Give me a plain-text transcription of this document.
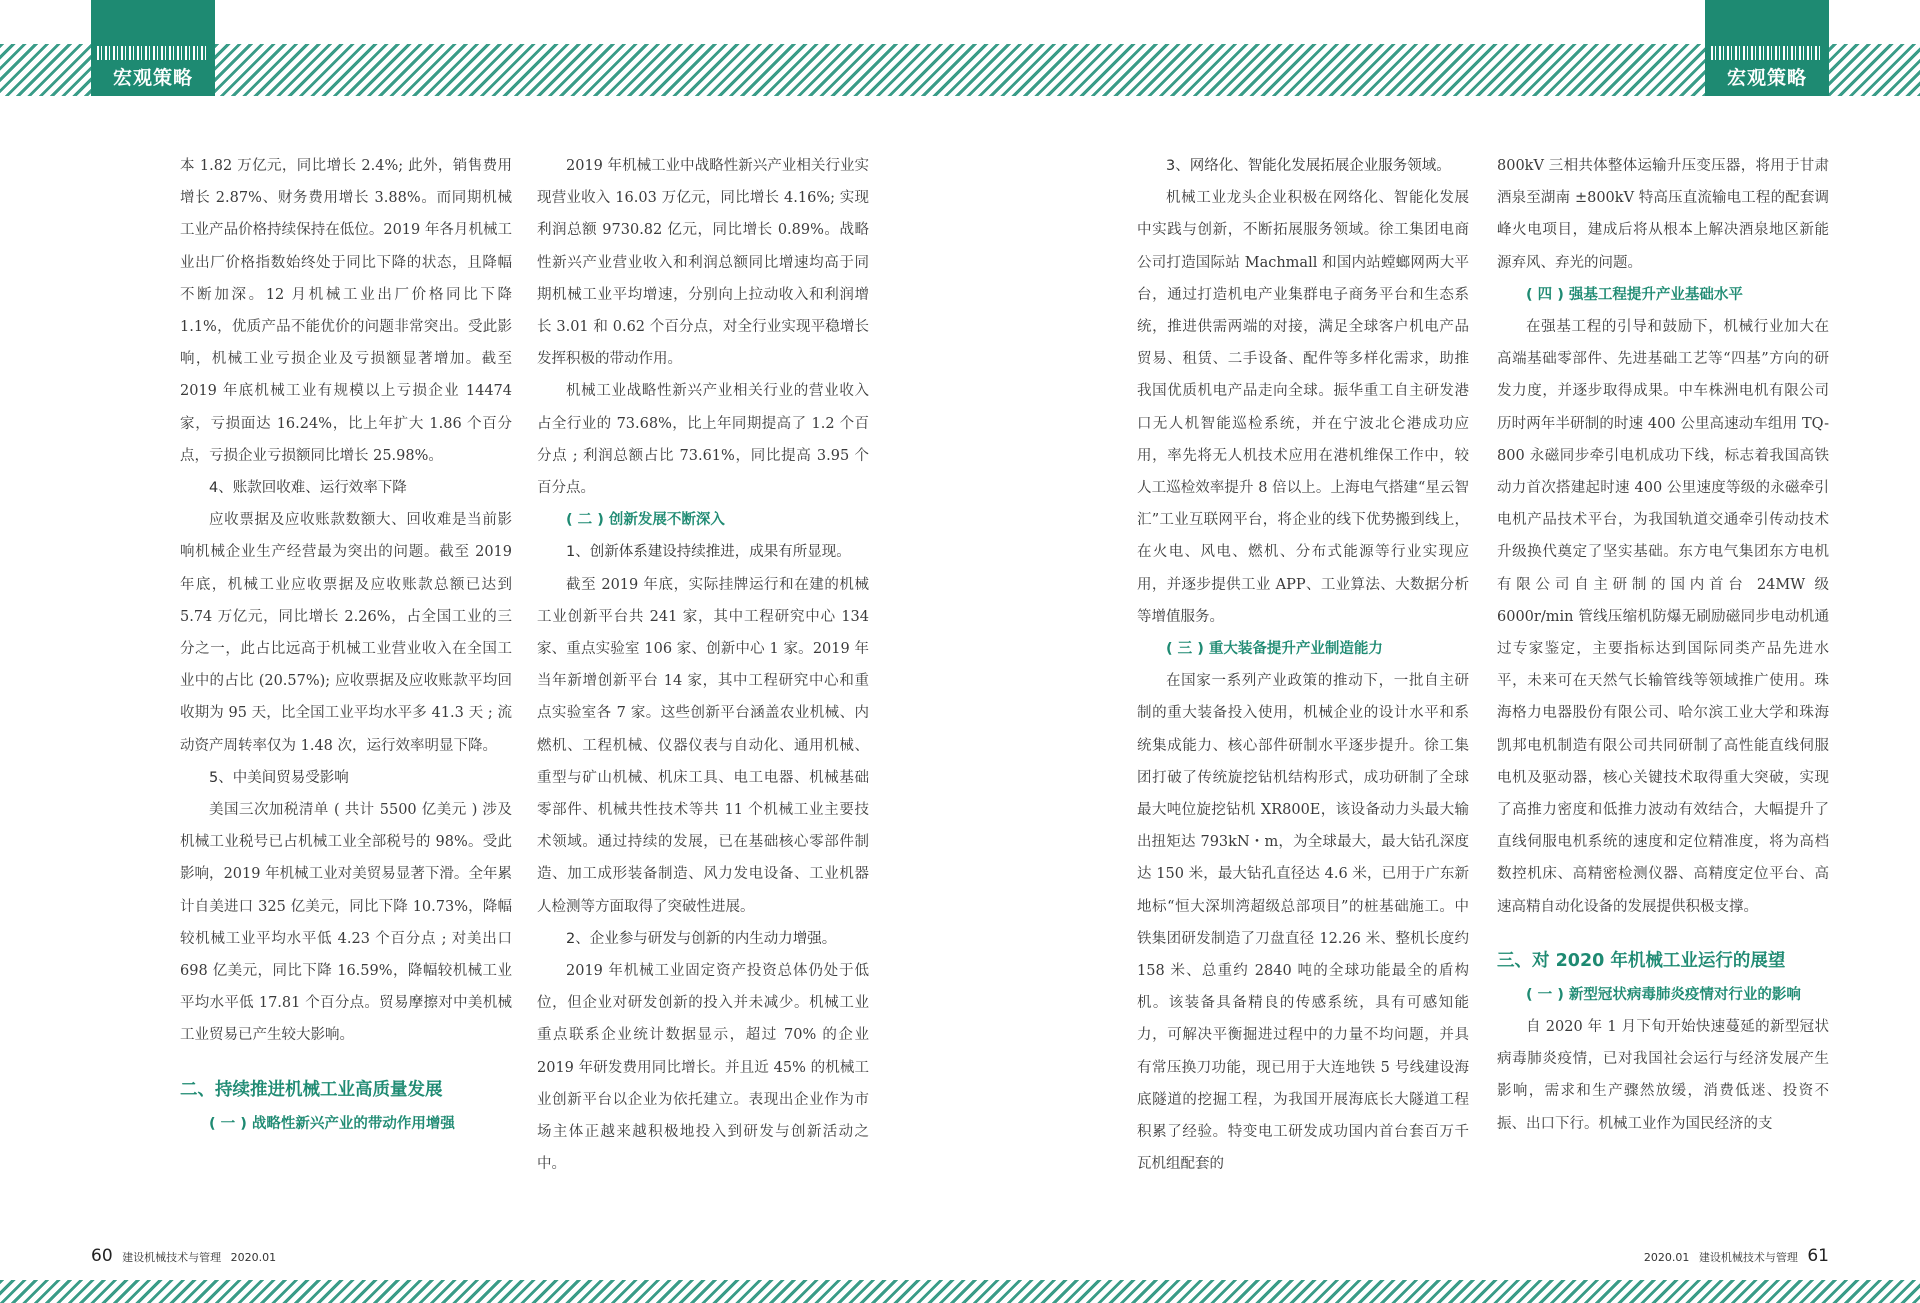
宏观策略	宏观策略

本 1.82 万亿元，同比增长 2.4%; 此外，销售费用增长 2.87%、财务费用增长 3.88%。而同期机械工业产品价格持续保持在低位。2019 年各月机械工业出厂价格指数始终处于同比下降的状态，且降幅不断加深。12 月机械工业出厂价格同比下降 1.1%，优质产品不能优价的问题非常突出。受此影响，机械工业亏损企业及亏损额显著增加。截至 2019 年底机械工业有规模以上亏损企业 14474 家，亏损面达 16.24%，比上年扩大 1.86 个百分点，亏损企业亏损额同比增长 25.98%。

4、账款回收难、运行效率下降

应收票据及应收账款数额大、回收难是当前影响机械企业生产经营最为突出的问题。截至 2019 年底，机械工业应收票据及应收账款总额已达到 5.74 万亿元，同比增长 2.26%，占全国工业的三分之一，此占比远高于机械工业营业收入在全国工业中的占比 (20.57%); 应收票据及应收账款平均回收期为 95 天，比全国工业平均水平多 41.3 天 ; 流动资产周转率仅为 1.48 次，运行效率明显下降。

5、中美间贸易受影响

美国三次加税清单 ( 共计 5500 亿美元 ) 涉及机械工业税号已占机械工业全部税号的 98%。受此影响，2019 年机械工业对美贸易显著下滑。全年累计自美进口 325 亿美元，同比下降 10.73%，降幅较机械工业平均水平低 4.23 个百分点 ; 对美出口 698 亿美元，同比下降 16.59%，降幅较机械工业平均水平低 17.81 个百分点。贸易摩擦对中美机械工业贸易已产生较大影响。

二、持续推进机械工业高质量发展
( 一 ) 战略性新兴产业的带动作用增强

2019 年机械工业中战略性新兴产业相关行业实现营业收入 16.03 万亿元，同比增长 4.16%; 实现利润总额 9730.82 亿元，同比增长 0.89%。战略性新兴产业营业收入和利润总额同比增速均高于同期机械工业平均增速，分别向上拉动收入和利润增长 3.01 和 0.62 个百分点，对全行业实现平稳增长发挥积极的带动作用。

机械工业战略性新兴产业相关行业的营业收入占全行业的 73.68%，比上年同期提高了 1.2 个百分点 ; 利润总额占比 73.61%，同比提高 3.95 个百分点。

( 二 ) 创新发展不断深入
1、创新体系建设持续推进，成果有所显现。

截至 2019 年底，实际挂牌运行和在建的机械工业创新平台共 241 家，其中工程研究中心 134 家、重点实验室 106 家、创新中心 1 家。2019 年当年新增创新平台 14 家，其中工程研究中心和重点实验室各 7 家。这些创新平台涵盖农业机械、内燃机、工程机械、仪器仪表与自动化、通用机械、重型与矿山机械、机床工具、电工电器、机械基础零部件、机械共性技术等共 11 个机械工业主要技术领域。通过持续的发展，已在基础核心零部件制造、加工成形装备制造、风力发电设备、工业机器人检测等方面取得了突破性进展。

2、企业参与研发与创新的内生动力增强。

2019 年机械工业固定资产投资总体仍处于低位，但企业对研发创新的投入并未减少。机械工业重点联系企业统计数据显示，超过 70% 的企业 2019 年研发费用同比增长。并且近 45% 的机械工业创新平台以企业为依托建立。表现出企业作为市场主体正越来越积极地投入到研发与创新活动之中。

3、网络化、智能化发展拓展企业服务领域。

机械工业龙头企业积极在网络化、智能化发展中实践与创新，不断拓展服务领域。徐工集团电商公司打造国际站 Machmall 和国内站螳螂网两大平台，通过打造机电产业集群电子商务平台和生态系统，推进供需两端的对接，满足全球客户机电产品贸易、租赁、二手设备、配件等多样化需求，助推我国优质机电产品走向全球。振华重工自主研发港口无人机智能巡检系统，并在宁波北仑港成功应用，率先将无人机技术应用在港机维保工作中，较人工巡检效率提升 8 倍以上。上海电气搭建“星云智汇”工业互联网平台，将企业的线下优势搬到线上，在火电、风电、燃机、分布式能源等行业实现应用，并逐步提供工业 APP、工业算法、大数据分析等增值服务。

( 三 ) 重大装备提升产业制造能力

在国家一系列产业政策的推动下，一批自主研制的重大装备投入使用，机械企业的设计水平和系统集成能力、核心部件研制水平逐步提升。徐工集团打破了传统旋挖钻机结构形式，成功研制了全球最大吨位旋挖钻机 XR800E，该设备动力头最大输出扭矩达 793kN・m，为全球最大，最大钻孔深度达 150 米，最大钻孔直径达 4.6 米，已用于广东新地标“恒大深圳湾超级总部项目”的桩基础施工。中铁集团研发制造了刀盘直径 12.26 米、整机长度约 158 米、总重约 2840 吨的全球功能最全的盾构机。该装备具备精良的传感系统，具有可感知能力，可解决平衡掘进过程中的力量不均问题，并具有常压换刀功能，现已用于大连地铁 5 号线建设海底隧道的挖掘工程，为我国开展海底长大隧道工程积累了经验。特变电工研发成功国内首台套百万千瓦机组配套的

800kV 三相共体整体运输升压变压器，将用于甘肃酒泉至湖南 ±800kV 特高压直流输电工程的配套调峰火电项目，建成后将从根本上解决酒泉地区新能源弃风、弃光的问题。

( 四 ) 强基工程提升产业基础水平

在强基工程的引导和鼓励下，机械行业加大在高端基础零部件、先进基础工艺等“四基”方向的研发力度，并逐步取得成果。中车株洲电机有限公司历时两年半研制的时速 400 公里高速动车组用 TQ-800 永磁同步牵引电机成功下线，标志着我国高铁动力首次搭建起时速 400 公里速度等级的永磁牵引电机产品技术平台，为我国轨道交通牵引传动技术升级换代奠定了坚实基础。东方电气集团东方电机有限公司自主研制的国内首台 24MW 级 6000r/min 管线压缩机防爆无刷励磁同步电动机通过专家鉴定，主要指标达到国际同类产品先进水平，未来可在天然气长输管线等领域推广使用。珠海格力电器股份有限公司、哈尔滨工业大学和珠海凯邦电机制造有限公司共同研制了高性能直线伺服电机及驱动器，核心关键技术取得重大突破，实现了高推力密度和低推力波动有效结合，大幅提升了直线伺服电机系统的速度和定位精准度，将为高档数控机床、高精密检测仪器、高精度定位平台、高速高精自动化设备的发展提供积极支撑。

三、对 2020 年机械工业运行的展望
( 一 ) 新型冠状病毒肺炎疫情对行业的影响

自 2020 年 1 月下旬开始快速蔓延的新型冠状病毒肺炎疫情，已对我国社会运行与经济发展产生影响，需求和生产骤然放缓，消费低迷、投资不振、出口下行。机械工业作为国民经济的支

60 建设机械技术与管理 2020.01	2020.01 建设机械技术与管理 61
